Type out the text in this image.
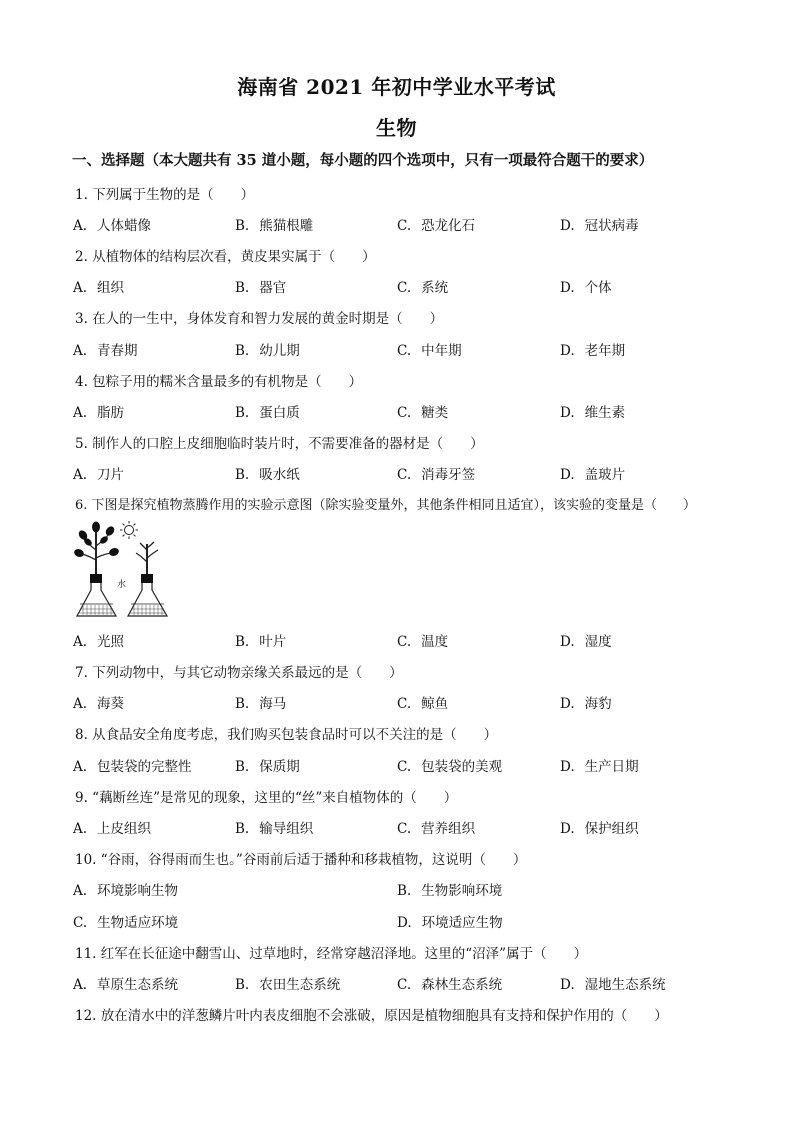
海南省 2021 年初中学业水平考试
生物
一、选择题（本大题共有 35 道小题，每小题的四个选项中，只有一项最符合题干的要求）
1. 下列属于生物的是（　　）
A. 人体蜡像	B. 熊猫根雕	C. 恐龙化石	D. 冠状病毒
2. 从植物体的结构层次看，黄皮果实属于（　　）
A. 组织	B. 器官	C. 系统	D. 个体
3. 在人的一生中，身体发育和智力发展的黄金时期是（　　）
A. 青春期	B. 幼儿期	C. 中年期	D. 老年期
4. 包粽子用的糯米含量最多的有机物是（　　）
A. 脂肪	B. 蛋白质	C. 糖类	D. 维生素
5. 制作人的口腔上皮细胞临时装片时，不需要准备的器材是（　　）
A. 刀片	B. 吸水纸	C. 消毒牙签	D. 盖玻片
6. 下图是探究植物蒸腾作用的实验示意图（除实验变量外，其他条件相同且适宜），该实验的变量是（　　）
水
A. 光照	B. 叶片	C. 温度	D. 湿度
7. 下列动物中，与其它动物亲缘关系最远的是（　　）
A. 海葵	B. 海马	C. 鲸鱼	D. 海豹
8. 从食品安全角度考虑，我们购买包装食品时可以不关注的是（　　）
A. 包装袋的完整性	B. 保质期	C. 包装袋的美观	D. 生产日期
9. “藕断丝连”是常见的现象，这里的“丝”来自植物体的（　　）
A. 上皮组织	B. 输导组织	C. 营养组织	D. 保护组织
10. “谷雨，谷得雨而生也。”谷雨前后适于播种和移栽植物，这说明（　　）
A. 环境影响生物	B. 生物影响环境
C. 生物适应环境	D. 环境适应生物
11. 红军在长征途中翻雪山、过草地时，经常穿越沼泽地。这里的“沼泽”属于（　　）
A. 草原生态系统	B. 农田生态系统	C. 森林生态系统	D. 湿地生态系统
12. 放在清水中的洋葱鳞片叶内表皮细胞不会涨破，原因是植物细胞具有支持和保护作用的（　　）
